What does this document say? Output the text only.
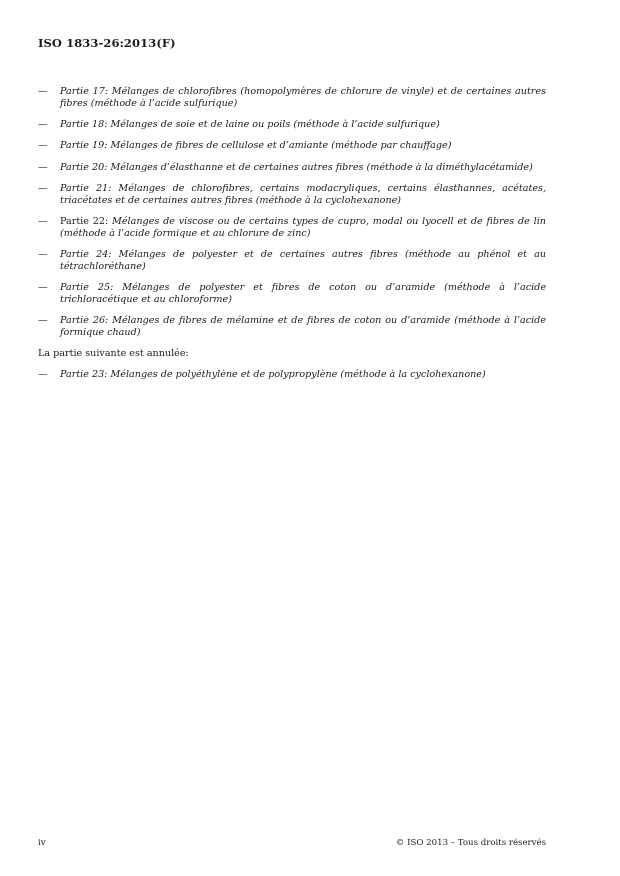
ISO 1833-26:2013(F)
—	Partie 17: Mélanges de chlorofibres (homopolymères de chlorure de vinyle) et de certaines autres fibres (méthode à l’acide sulfurique)
—	Partie 18: Mélanges de soie et de laine ou poils (méthode à l’acide sulfurique)
—	Partie 19: Mélanges de fibres de cellulose et d’amiante (méthode par chauffage)
—	Partie 20: Mélanges d’élasthanne et de certaines autres fibres (méthode à la diméthylacétamide)
—	Partie 21: Mélanges de chlorofibres, certains modacryliques, certains élasthannes, acétates, triacétates et de certaines autres fibres (méthode à la cyclohexanone)
—	Partie 22: Mélanges de viscose ou de certains types de cupro, modal ou lyocell et de fibres de lin (méthode à l’acide formique et au chlorure de zinc)
—	Partie 24: Mélanges de polyester et de certaines autres fibres (méthode au phénol et au tétrachloréthane)
—	Partie 25: Mélanges de polyester et fibres de coton ou d’aramide (méthode à l’acide trichloracétique et au chloroforme)
—	Partie 26: Mélanges de fibres de mélamine et de fibres de coton ou d’aramide (méthode à l’acide formique chaud)
La partie suivante est annulée:
—	Partie 23: Mélanges de polyéthylène et de polypropylène (méthode à la cyclohexanone)
iv	© ISO 2013 – Tous droits réservés
